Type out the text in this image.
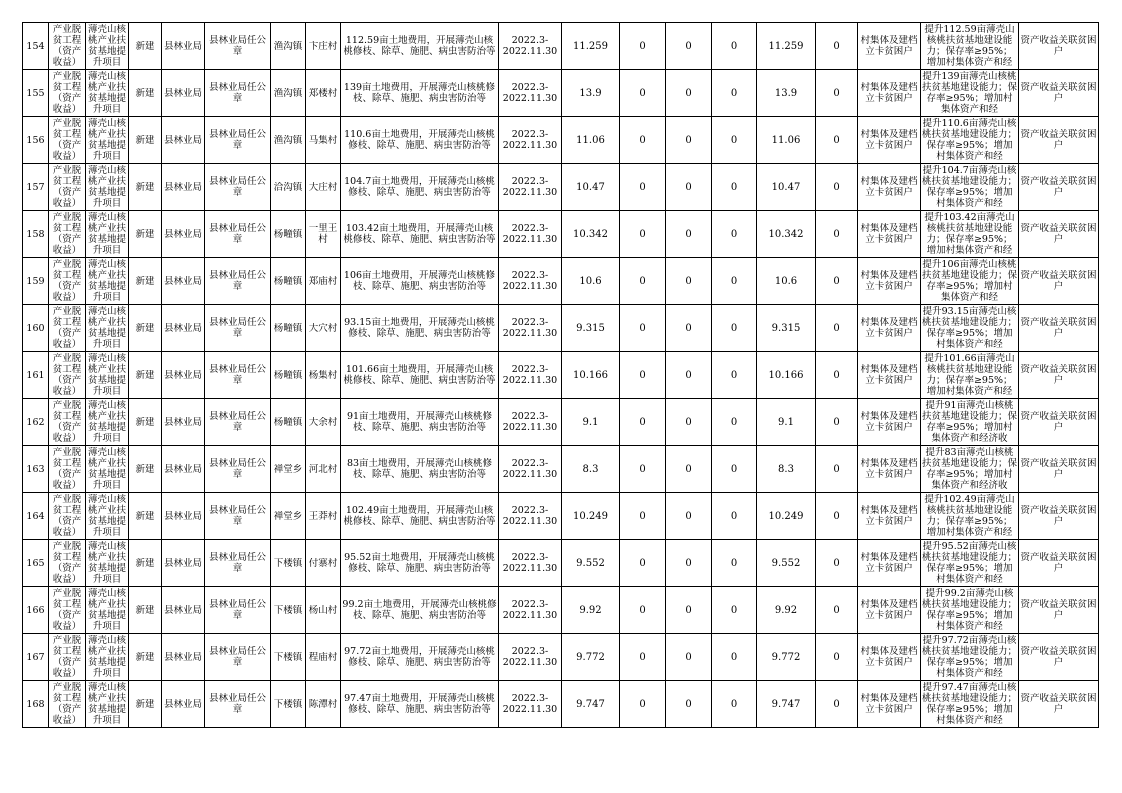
154	产业脱贫工程（资产收益）	薄壳山核桃产业扶贫基地提升项目	新建	县林业局	县林业局任公章	渔沟镇	卞庄村	112.59亩土地费用，开展薄壳山核桃修枝、除草、施肥、病虫害防治等	2022.3-2022.11.30	11.259	0	0	0	11.259	0	村集体及建档立卡贫困户	提升112.59亩薄壳山核桃扶贫基地建设能力；保存率≥95%；增加村集体资产和经	资产收益关联贫困户

155	产业脱贫工程（资产收益）	薄壳山核桃产业扶贫基地提升项目	新建	县林业局	县林业局任公章	渔沟镇	郑楼村	139亩土地费用，开展薄壳山核桃修枝、除草、施肥、病虫害防治等	2022.3-2022.11.30	13.9	0	0	0	13.9	0	村集体及建档立卡贫困户	提升139亩薄壳山核桃扶贫基地建设能力；保存率≥95%；增加村集体资产和经	资产收益关联贫困户

156	产业脱贫工程（资产收益）	薄壳山核桃产业扶贫基地提升项目	新建	县林业局	县林业局任公章	渔沟镇	马集村	110.6亩土地费用，开展薄壳山核桃修枝、除草、施肥、病虫害防治等	2022.3-2022.11.30	11.06	0	0	0	11.06	0	村集体及建档立卡贫困户	提升110.6亩薄壳山核桃扶贫基地建设能力；保存率≥95%；增加村集体资产和经	资产收益关联贫困户

157	产业脱贫工程（资产收益）	薄壳山核桃产业扶贫基地提升项目	新建	县林业局	县林业局任公章	洽沟镇	大庄村	104.7亩土地费用，开展薄壳山核桃修枝、除草、施肥、病虫害防治等	2022.3-2022.11.30	10.47	0	0	0	10.47	0	村集体及建档立卡贫困户	提升104.7亩薄壳山核桃扶贫基地建设能力；保存率≥95%；增加村集体资产和经	资产收益关联贫困户

158	产业脱贫工程（资产收益）	薄壳山核桃产业扶贫基地提升项目	新建	县林业局	县林业局任公章	杨疃镇	一里王村	103.42亩土地费用，开展薄壳山核桃修枝、除草、施肥、病虫害防治等	2022.3-2022.11.30	10.342	0	0	0	10.342	0	村集体及建档立卡贫困户	提升103.42亩薄壳山核桃扶贫基地建设能力；保存率≥95%；增加村集体资产和经	资产收益关联贫困户

159	产业脱贫工程（资产收益）	薄壳山核桃产业扶贫基地提升项目	新建	县林业局	县林业局任公章	杨疃镇	郑庙村	106亩土地费用，开展薄壳山核桃修枝、除草、施肥、病虫害防治等	2022.3-2022.11.30	10.6	0	0	0	10.6	0	村集体及建档立卡贫困户	提升106亩薄壳山核桃扶贫基地建设能力；保存率≥95%；增加村集体资产和经	资产收益关联贫困户

160	产业脱贫工程（资产收益）	薄壳山核桃产业扶贫基地提升项目	新建	县林业局	县林业局任公章	杨疃镇	大穴村	93.15亩土地费用，开展薄壳山核桃修枝、除草、施肥、病虫害防治等	2022.3-2022.11.30	9.315	0	0	0	9.315	0	村集体及建档立卡贫困户	提升93.15亩薄壳山核桃扶贫基地建设能力；保存率≥95%；增加村集体资产和经	资产收益关联贫困户

161	产业脱贫工程（资产收益）	薄壳山核桃产业扶贫基地提升项目	新建	县林业局	县林业局任公章	杨疃镇	杨集村	101.66亩土地费用，开展薄壳山核桃修枝、除草、施肥、病虫害防治等	2022.3-2022.11.30	10.166	0	0	0	10.166	0	村集体及建档立卡贫困户	提升101.66亩薄壳山核桃扶贫基地建设能力；保存率≥95%；增加村集体资产和经	资产收益关联贫困户

162	产业脱贫工程（资产收益）	薄壳山核桃产业扶贫基地提升项目	新建	县林业局	县林业局任公章	杨疃镇	大余村	91亩土地费用，开展薄壳山核桃修枝、除草、施肥、病虫害防治等	2022.3-2022.11.30	9.1	0	0	0	9.1	0	村集体及建档立卡贫困户	提升91亩薄壳山核桃扶贫基地建设能力；保存率≥95%；增加村集体资产和经济收	资产收益关联贫困户

163	产业脱贫工程（资产收益）	薄壳山核桃产业扶贫基地提升项目	新建	县林业局	县林业局任公章	禅堂乡	河北村	83亩土地费用，开展薄壳山核桃修枝、除草、施肥、病虫害防治等	2022.3-2022.11.30	8.3	0	0	0	8.3	0	村集体及建档立卡贫困户	提升83亩薄壳山核桃扶贫基地建设能力；保存率≥95%；增加村集体资产和经济收	资产收益关联贫困户

164	产业脱贫工程（资产收益）	薄壳山核桃产业扶贫基地提升项目	新建	县林业局	县林业局任公章	禅堂乡	王莽村	102.49亩土地费用，开展薄壳山核桃修枝、除草、施肥、病虫害防治等	2022.3-2022.11.30	10.249	0	0	0	10.249	0	村集体及建档立卡贫困户	提升102.49亩薄壳山核桃扶贫基地建设能力；保存率≥95%；增加村集体资产和经	资产收益关联贫困户

165	产业脱贫工程（资产收益）	薄壳山核桃产业扶贫基地提升项目	新建	县林业局	县林业局任公章	下楼镇	付寨村	95.52亩土地费用，开展薄壳山核桃修枝、除草、施肥、病虫害防治等	2022.3-2022.11.30	9.552	0	0	0	9.552	0	村集体及建档立卡贫困户	提升95.52亩薄壳山核桃扶贫基地建设能力；保存率≥95%；增加村集体资产和经	资产收益关联贫困户

166	产业脱贫工程（资产收益）	薄壳山核桃产业扶贫基地提升项目	新建	县林业局	县林业局任公章	下楼镇	杨山村	99.2亩土地费用，开展薄壳山核桃修枝、除草、施肥、病虫害防治等	2022.3-2022.11.30	9.92	0	0	0	9.92	0	村集体及建档立卡贫困户	提升99.2亩薄壳山核桃扶贫基地建设能力；保存率≥95%；增加村集体资产和经	资产收益关联贫困户

167	产业脱贫工程（资产收益）	薄壳山核桃产业扶贫基地提升项目	新建	县林业局	县林业局任公章	下楼镇	程庙村	97.72亩土地费用，开展薄壳山核桃修枝、除草、施肥、病虫害防治等	2022.3-2022.11.30	9.772	0	0	0	9.772	0	村集体及建档立卡贫困户	提升97.72亩薄壳山核桃扶贫基地建设能力；保存率≥95%；增加村集体资产和经	资产收益关联贫困户

168	产业脱贫工程（资产收益）	薄壳山核桃产业扶贫基地提升项目	新建	县林业局	县林业局任公章	下楼镇	陈潭村	97.47亩土地费用，开展薄壳山核桃修枝、除草、施肥、病虫害防治等	2022.3-2022.11.30	9.747	0	0	0	9.747	0	村集体及建档立卡贫困户	提升97.47亩薄壳山核桃扶贫基地建设能力；保存率≥95%；增加村集体资产和经	资产收益关联贫困户
